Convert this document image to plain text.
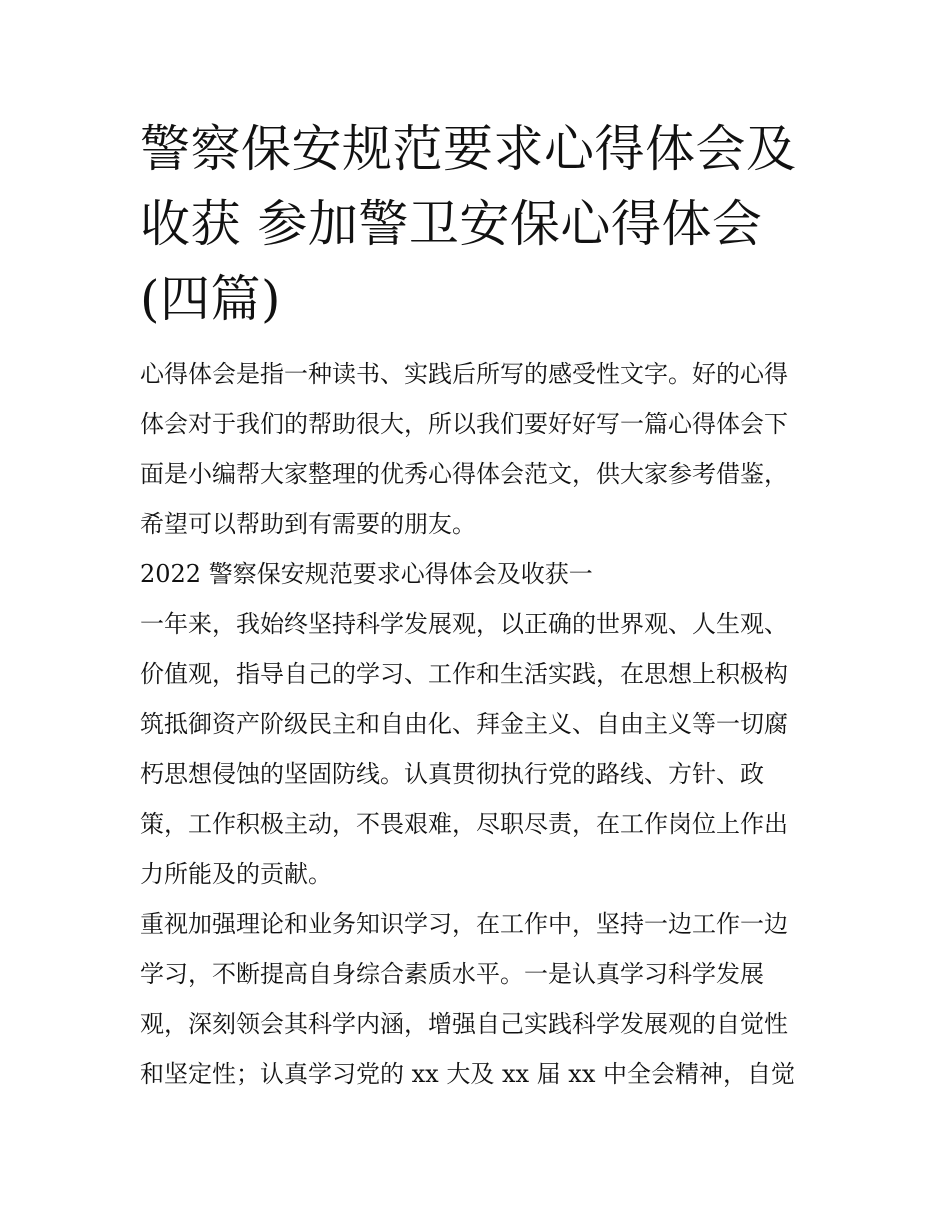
警察保安规范要求心得体会及
收获 参加警卫安保心得体会
(四篇)
心得体会是指一种读书、实践后所写的感受性文字。好的心得
体会对于我们的帮助很大，所以我们要好好写一篇心得体会下
面是小编帮大家整理的优秀心得体会范文，供大家参考借鉴，
希望可以帮助到有需要的朋友。
2022 警察保安规范要求心得体会及收获一
一年来，我始终坚持科学发展观，以正确的世界观、人生观、
价值观，指导自己的学习、工作和生活实践，在思想上积极构
筑抵御资产阶级民主和自由化、拜金主义、自由主义等一切腐
朽思想侵蚀的坚固防线。认真贯彻执行党的路线、方针、政
策，工作积极主动，不畏艰难，尽职尽责，在工作岗位上作出
力所能及的贡献。
重视加强理论和业务知识学习，在工作中，坚持一边工作一边
学习，不断提高自身综合素质水平。一是认真学习科学发展
观，深刻领会其科学内涵，增强自己实践科学发展观的自觉性
和坚定性；认真学习党的 xx 大及 xx 届 xx 中全会精神，自觉
